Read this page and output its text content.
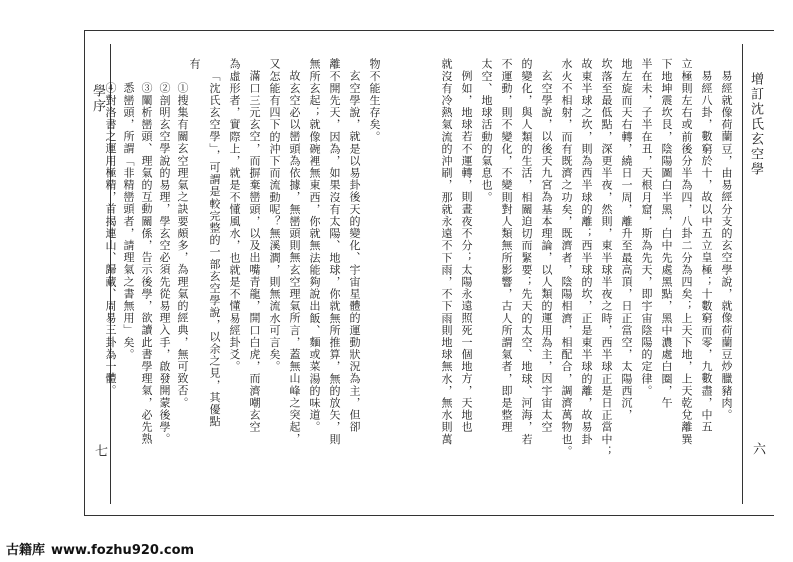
增訂沈氏玄空學
六
學序
七
易經就像荷蘭豆，由易經分支的玄空學說，就像荷蘭豆炒臘豬肉。
易經八卦，數窮於十，故以中五立皇極；十數窮而零，九數盡，中五
立極則左右或前後分半為四，八卦二分為四矣；上天下地，上天乾兌離巽
下地坤震坎艮，陰陽圖白半黑，白中先處黑點，黑中濃處白圈，午
半在未，子半在丑，天根月窟，斯為先天，即宇宙陰陽的定律。
地左旋而天右轉，繞日一周，離升至最高頂，日正當空，太陽西沉，
坎落至最低點，深更半夜，然則，東半球半夜之時，西半球正是日正當中；
故東半球之坎，則為西半球的離；西半球的坎，正是東半球的離，故易卦
水火不相射，而有既濟之功矣，既濟者，陰陽相濟，相配合，調濟萬物也。
玄空學說，以後天九宮為基本理論，以人類的運用為主，因宇宙太空
的變化，與人類的生活，相關迫切而緊要；先天的太空、地球、河海，若
不運動，則不變化，不變則對人類無所影響，古人所謂氣者，即是整理
太空、地球活動的氣息也。
例如，地球若不運轉，則晝夜不分；太陽永遠照死一個地方，天地也
就沒有冷熱氣流的沖刷，那就永遠不下雨，不下雨則地球無水，無水則萬
物不能生存矣。
玄空學說，就是以易卦後天的變化、宇宙星體的運動狀況為主，但卻
離不開先天，因為，如果沒有太陽、地球，你就無所推算，無的放矢，則
無所玄起；就像碗裡無東西，你就無法能夠說出飯、麵或菜湯的味道。
故玄空必以巒頭為依據，無巒頭則無玄空理氣所言，蓋無山峰之突起，
又怎能有四下的沖下而流動呢？無溪澗，則無流水可言矣。
滿口三元玄空，而摒棄巒頭，以及出嘴青龍，開口白虎，而濟嘲玄空
為虛形者，實際上，就是不懂風水，也就是不懂易經卦爻。
「沈氏玄空學」，可謂是較完整的一部玄空學說，以余之見，其優點
有
①搜集有關玄空理氣之訣要頗多，為理氣的經典，無可致否。
②剖明玄空學說的易理，學玄空必須先從易理入手，啟發開蒙後學。
③闡析巒頭、理氣的互動關係，告示後學，欲讀此書學理氣，必先熟
悉巒頭，所謂「非精巒頭者，請理氣之書無用」矣。
④對洛書之運用極精，首揭連山、歸藏、周易三卦為一體。
古籍库 www.fozhu920.com
